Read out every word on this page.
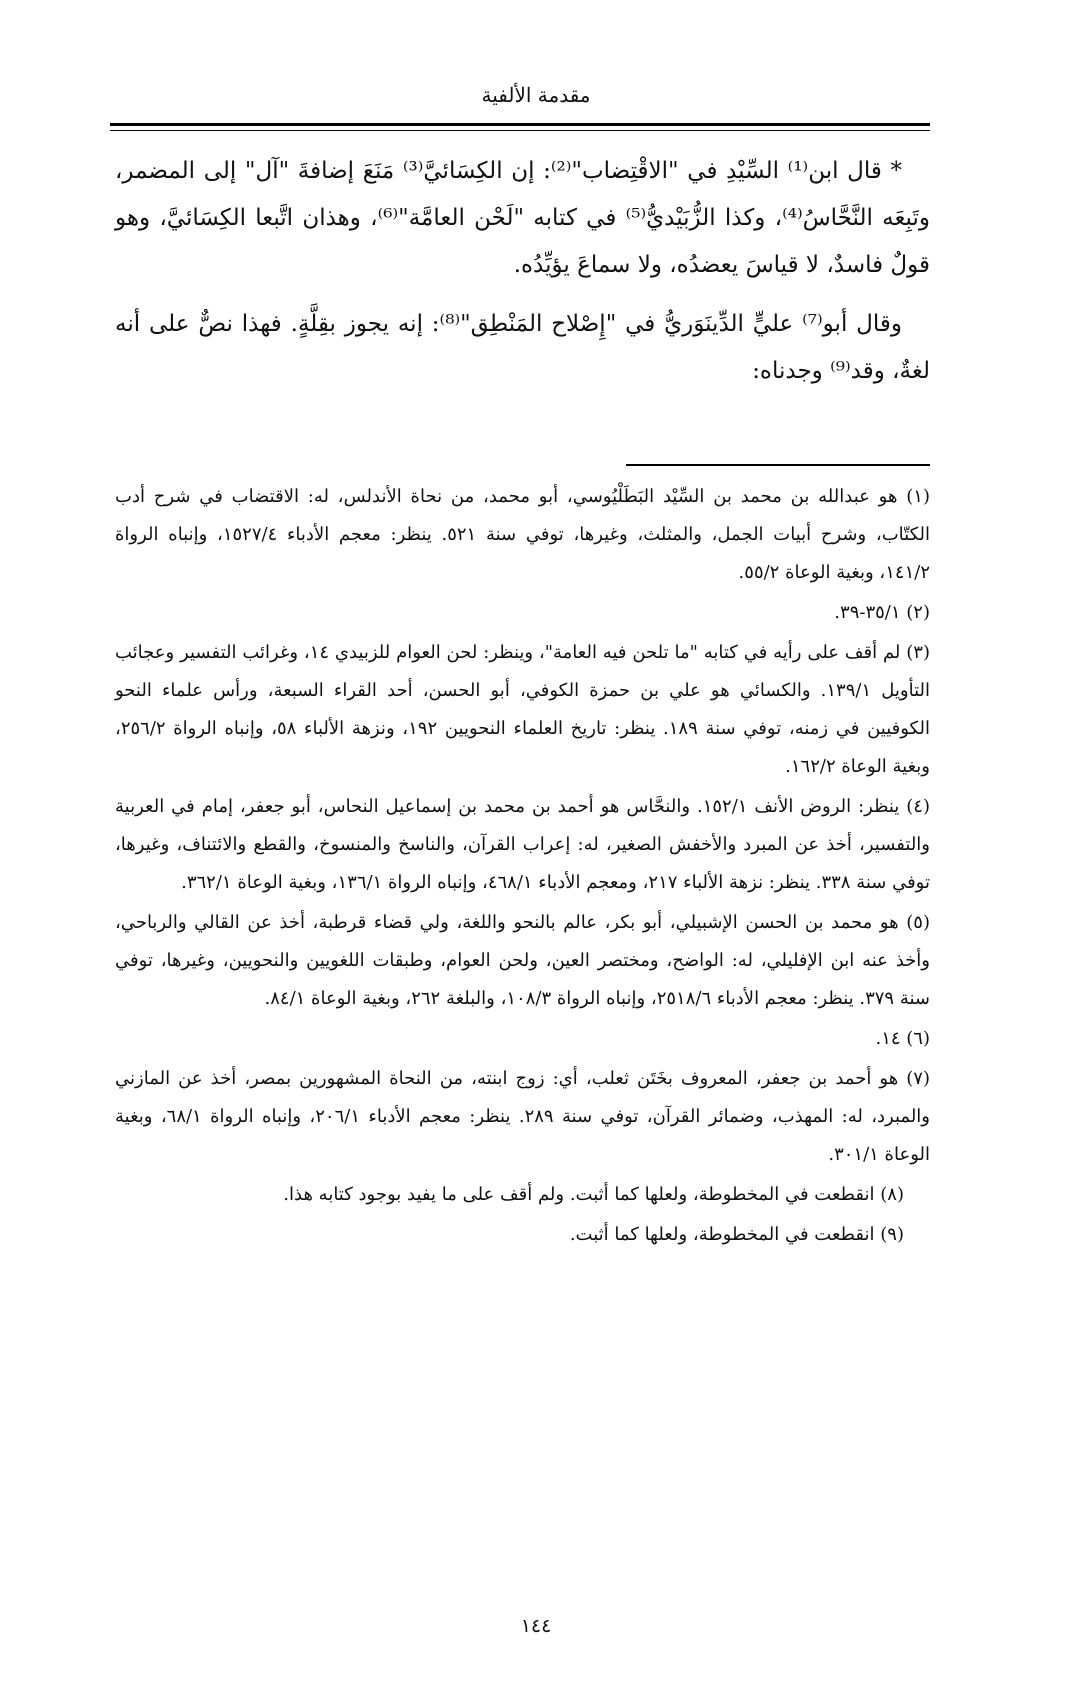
مقدمة الألفية

* قال ابن⁽¹⁾ السِّيْدِ في "الاقْتِضاب"⁽²⁾: إن الكِسَائيَّ⁽³⁾ مَنَعَ إضافةَ "آل" إلى المضمر، وتَبِعَه النَّحَّاسُ⁽⁴⁾، وكذا الزُّبَيْديُّ⁽⁵⁾ في كتابه "لَحْن العامَّة"⁽⁶⁾، وهذان اتَّبعا الكِسَائيَّ، وهو قولٌ فاسدٌ، لا قياسَ يعضدُه، ولا سماعَ يؤيِّدُه.

وقال أبو⁽⁷⁾ عليٍّ الدِّينَوَريُّ في "إِصْلاح المَنْطِق"⁽⁸⁾: إنه يجوز بقِلَّةٍ. فهذا نصٌّ على أنه لغةٌ، وقد⁽⁹⁾ وجدناه:

(١) هو عبدالله بن محمد بن السِّيْد البَطَلْيُوسي، أبو محمد، من نحاة الأندلس، له: الاقتضاب في شرح أدب الكتّاب، وشرح أبيات الجمل، والمثلث، وغيرها، توفي سنة ٥٢١. ينظر: معجم الأدباء ١٥٢٧/٤، وإنباه الرواة ١٤١/٢، وبغية الوعاة ٥٥/٢.

(٢) ٣٥/١-٣٩.

(٣) لم أقف على رأيه في كتابه "ما تلحن فيه العامة"، وينظر: لحن العوام للزبيدي ١٤، وغرائب التفسير وعجائب التأويل ١٣٩/١. والكسائي هو علي بن حمزة الكوفي، أبو الحسن، أحد القراء السبعة، ورأس علماء النحو الكوفيين في زمنه، توفي سنة ١٨٩. ينظر: تاريخ العلماء النحويين ١٩٢، ونزهة الألباء ٥٨، وإنباه الرواة ٢٥٦/٢، وبغية الوعاة ١٦٢/٢.

(٤) ينظر: الروض الأنف ١٥٢/١. والنحَّاس هو أحمد بن محمد بن إسماعيل النحاس، أبو جعفر، إمام في العربية والتفسير، أخذ عن المبرد والأخفش الصغير، له: إعراب القرآن، والناسخ والمنسوخ، والقطع والائتناف، وغيرها، توفي سنة ٣٣٨. ينظر: نزهة الألباء ٢١٧، ومعجم الأدباء ٤٦٨/١، وإنباه الرواة ١٣٦/١، وبغية الوعاة ٣٦٢/١.

(٥) هو محمد بن الحسن الإشبيلي، أبو بكر، عالم بالنحو واللغة، ولي قضاء قرطبة، أخذ عن القالي والرباحي، وأخذ عنه ابن الإفليلي، له: الواضح، ومختصر العين، ولحن العوام، وطبقات اللغويين والنحويين، وغيرها، توفي سنة ٣٧٩. ينظر: معجم الأدباء ٢٥١٨/٦، وإنباه الرواة ١٠٨/٣، والبلغة ٢٦٢، وبغية الوعاة ٨٤/١.

(٦) ١٤.

(٧) هو أحمد بن جعفر، المعروف بخَتَن ثعلب، أي: زوج ابنته، من النحاة المشهورين بمصر، أخذ عن المازني والمبرد، له: المهذب، وضمائر القرآن، توفي سنة ٢٨٩. ينظر: معجم الأدباء ٢٠٦/١، وإنباه الرواة ٦٨/١، وبغية الوعاة ٣٠١/١.

(٨) انقطعت في المخطوطة، ولعلها كما أثبت. ولم أقف على ما يفيد بوجود كتابه هذا.

(٩) انقطعت في المخطوطة، ولعلها كما أثبت.

١٤٤
